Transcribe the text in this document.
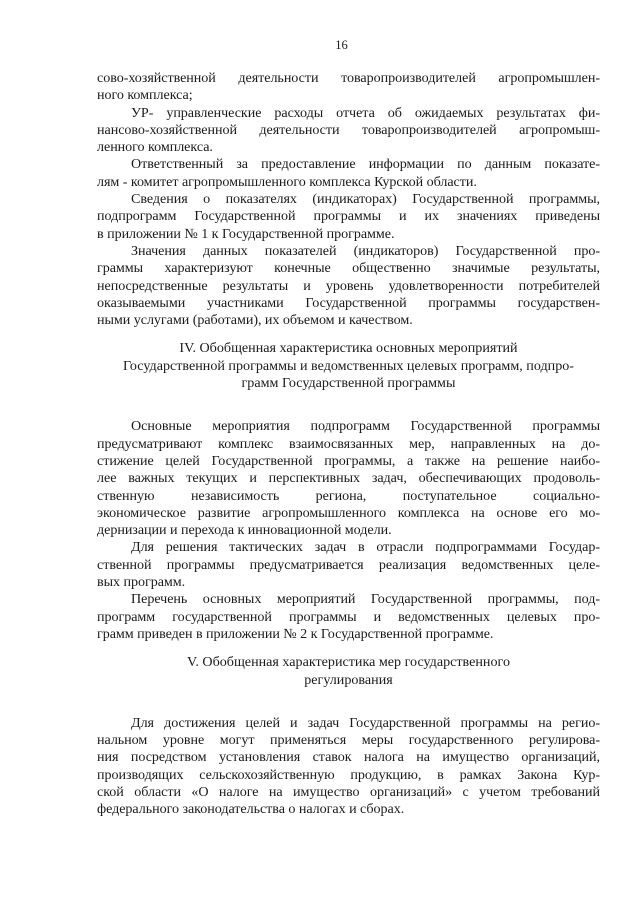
16
сово-хозяйственной деятельности товаропроизводителей агропромышлен-
ного комплекса;
УР- управленческие расходы отчета об ожидаемых результатах фи-
нансово-хозяйственной деятельности товаропроизводителей агропромыш-
ленного комплекса.
Ответственный за предоставление информации по данным показате-
лям - комитет агропромышленного комплекса Курской области.
Сведения о показателях (индикаторах) Государственной программы,
подпрограмм Государственной программы и их значениях приведены
в приложении № 1 к Государственной программе.
Значения данных показателей (индикаторов) Государственной про-
граммы характеризуют конечные общественно значимые результаты,
непосредственные результаты и уровень удовлетворенности потребителей
оказываемыми участниками Государственной программы государствен-
ными услугами (работами), их объемом и качеством.
IV. Обобщенная характеристика основных мероприятий
Государственной программы и ведомственных целевых программ, подпро-
грамм Государственной программы
Основные мероприятия подпрограмм Государственной программы
предусматривают комплекс взаимосвязанных мер, направленных на до-
стижение целей Государственной программы, а также на решение наибо-
лее важных текущих и перспективных задач, обеспечивающих продоволь-
ственную независимость региона, поступательное социально-
экономическое развитие агропромышленного комплекса на основе его мо-
дернизации и перехода к инновационной модели.
Для решения тактических задач в отрасли подпрограммами Государ-
ственной программы предусматривается реализация ведомственных целе-
вых программ.
Перечень основных мероприятий Государственной программы, под-
программ государственной программы и ведомственных целевых про-
грамм приведен в приложении № 2 к Государственной программе.
V. Обобщенная характеристика мер государственного
регулирования
Для достижения целей и задач Государственной программы на регио-
нальном уровне могут применяться меры государственного регулирова-
ния посредством установления ставок налога на имущество организаций,
производящих сельскохозяйственную продукцию, в рамках Закона Кур-
ской области «О налоге на имущество организаций» с учетом требований
федерального законодательства о налогах и сборах.
